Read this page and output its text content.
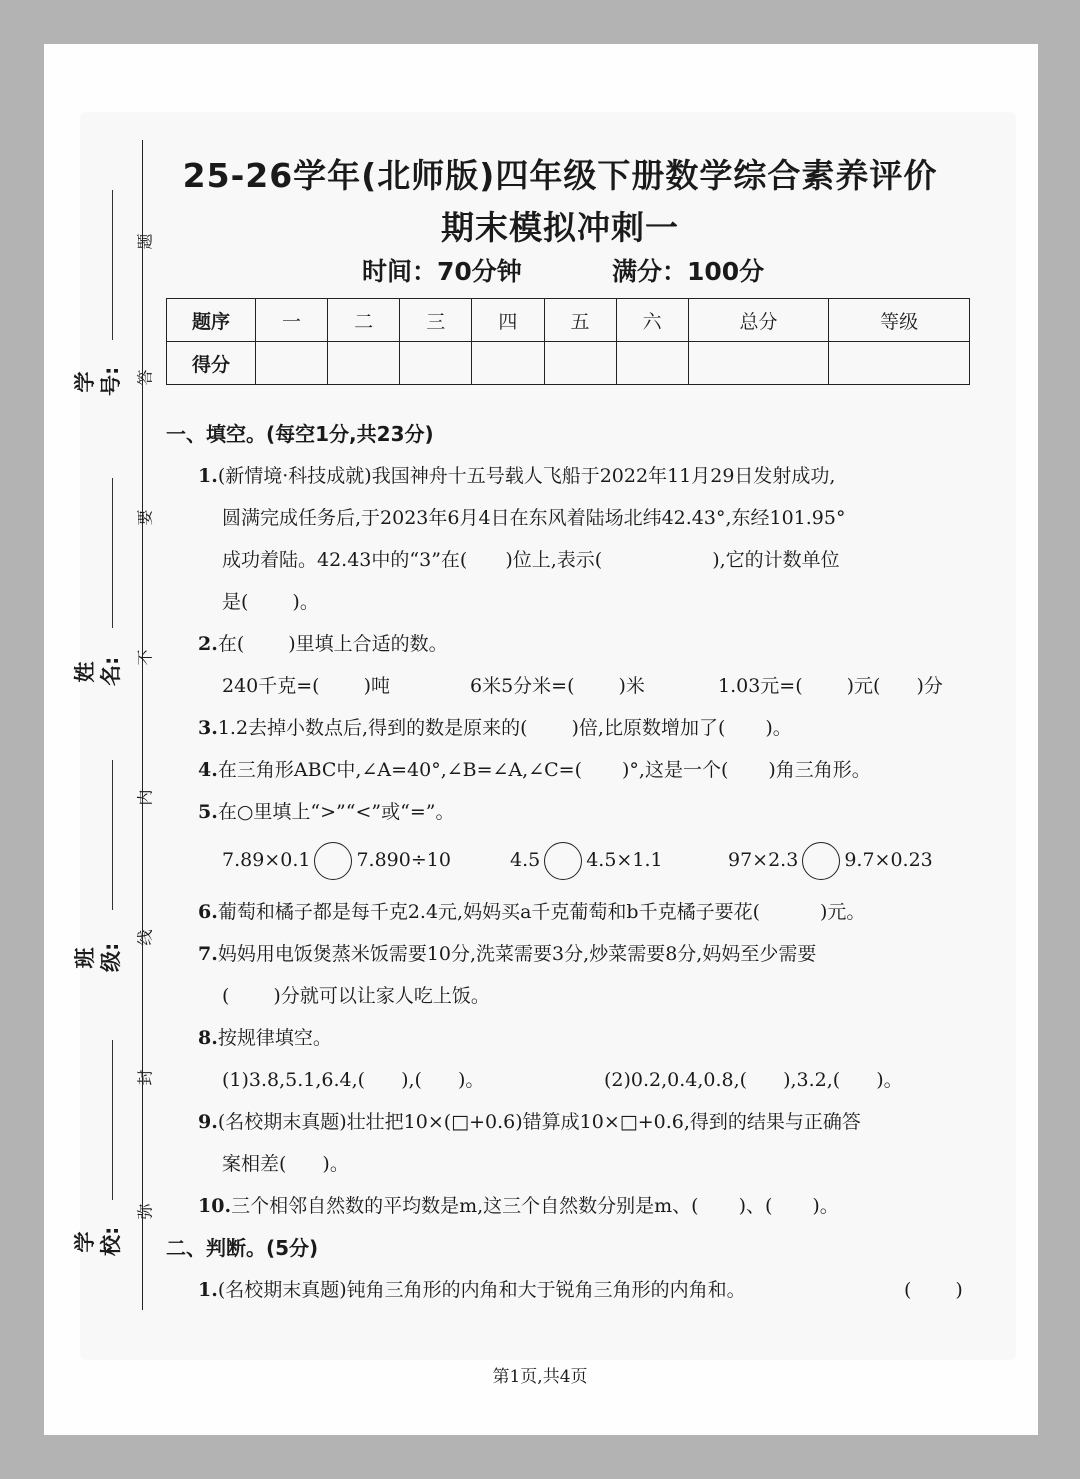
学号:
姓名:
班级:
学校:
题
答
要
不
内
线
封
弥
25-26学年(北师版)四年级下册数学综合素养评价
期末模拟冲刺一
时间：70分钟	满分：100分
题序	一	二	三	四	五	六	总分	等级
得分								
一、填空。(每空1分,共23分)
1.(新情境·科技成就)我国神舟十五号载人飞船于2022年11月29日发射成功,
圆满完成任务后,于2023年6月4日在东风着陆场北纬42.43°,东经101.95°
成功着陆。42.43中的“3”在( )位上,表示(	),它的计数单位
是( )。
2.在( )里填上合适的数。
240千克=( )吨	6米5分米=( )米	1.03元=( )元( )分
3.1.2去掉小数点后,得到的数是原来的( )倍,比原数增加了( )。
4.在三角形ABC中,∠A=40°,∠B=∠A,∠C=( )°,这是一个( )角三角形。
5.在○里填上“>”“<”或“=”。
7.89×0.1 7.890÷10	4.5 4.5×1.1	97×2.3 9.7×0.23
6.葡萄和橘子都是每千克2.4元,妈妈买a千克葡萄和b千克橘子要花(	)元。
7.妈妈用电饭煲蒸米饭需要10分,洗菜需要3分,炒菜需要8分,妈妈至少需要
( )分就可以让家人吃上饭。
8.按规律填空。
(1)3.8,5.1,6.4,( ),( )。	(2)0.2,0.4,0.8,( ),3.2,( )。
9.(名校期末真题)壮壮把10×(□+0.6)错算成10×□+0.6,得到的结果与正确答
案相差( )。
10.三个相邻自然数的平均数是m,这三个自然数分别是m、( )、( )。
二、判断。(5分)
1.(名校期末真题)钝角三角形的内角和大于锐角三角形的内角和。	( )
第1页,共4页
